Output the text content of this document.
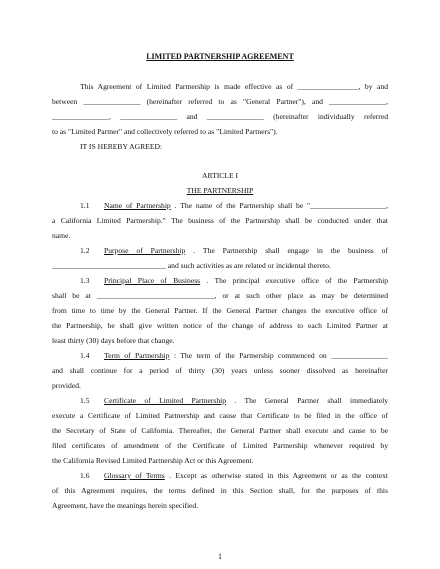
LIMITED PARTNERSHIP AGREEMENT
This Agreement of Limited Partnership is made effective as of ________________, by and
between _______________ (hereinafter referred to as "General Partner"), and _______________,
_______________, _______________ and _______________ (hereinafter individually referred
to as "Limited Partner" and collectively referred to as "Limited Partners").
IT IS HEREBY AGREED:
ARTICLE I
THE PARTNERSHIP
1.1 Name of Partnership . The name of the Partnership shall be "____________________,
a California Limited Partnership." The business of the Partnership shall be conducted under that
name.
1.2 Purpose of Partnership . The Partnership shall engage in the business of
______________________________ and such activities as are related or incidental thereto.
1.3 Principal Place of Business . The principal executive office of the Partnership
shall be at _______________________________, or at such other place as may be determined
from time to time by the General Partner. If the General Partner changes the executive office of
the Partnership, he shall give written notice of the change of address to each Limited Partner at
least thirty (30) days before that change.
1.4 Term of Partnership : The term of the Partnership commenced on _______________
and shall continue for a period of thirty (30) years unless sooner dissolved as hereinafter
provided.
1.5 Certificate of Limited Partnership . The General Partner shall immediately
execute a Certificate of Limited Partnership and cause that Certificate to be filed in the office of
the Secretary of State of California. Thereafter, the General Partner shall execute and cause to be
filed certificates of amendment of the Certificate of Limited Partnership whenever required by
the California Revised Limited Partnership Act or this Agreement.
1.6 Glossary of Terms . Except as otherwise stated in this Agreement or as the context
of this Agreement requires, the terms defined in this Section shall, for the purposes of this
Agreement, have the meanings herein specified.
1
